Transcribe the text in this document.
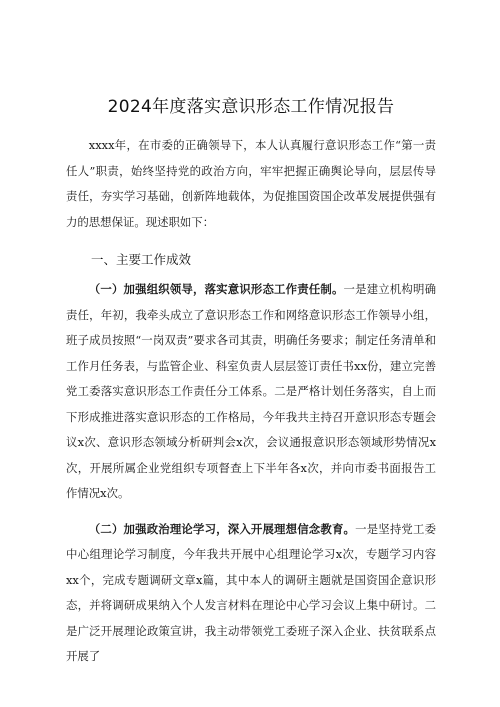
2024年度落实意识形态工作情况报告

xxxx年，在市委的正确领导下，本人认真履行意识形态工作“第一责任人”职责，始终坚持党的政治方向，牢牢把握正确舆论导向，层层传导责任，夯实学习基础，创新阵地载体，为促推国资国企改革发展提供强有力的思想保证。现述职如下：

一、主要工作成效

（一）加强组织领导，落实意识形态工作责任制。一是建立机构明确责任，年初，我牵头成立了意识形态工作和网络意识形态工作领导小组，班子成员按照“一岗双责”要求各司其责，明确任务要求；制定任务清单和工作月任务表，与监管企业、科室负责人层层签订责任书xx份，建立完善党工委落实意识形态工作责任分工体系。二是严格计划任务落实，自上而下形成推进落实意识形态的工作格局，今年我共主持召开意识形态专题会议x次、意识形态领域分析研判会x次，会议通报意识形态领域形势情况x次，开展所属企业党组织专项督查上下半年各x次，并向市委书面报告工作情况x次。

（二）加强政治理论学习，深入开展理想信念教育。一是坚持党工委中心组理论学习制度，今年我共开展中心组理论学习x次，专题学习内容xx个，完成专题调研文章x篇，其中本人的调研主题就是国资国企意识形态，并将调研成果纳入个人发言材料在理论中心学习会议上集中研讨。二是广泛开展理论政策宣讲，我主动带领党工委班子深入企业、扶贫联系点开展了
